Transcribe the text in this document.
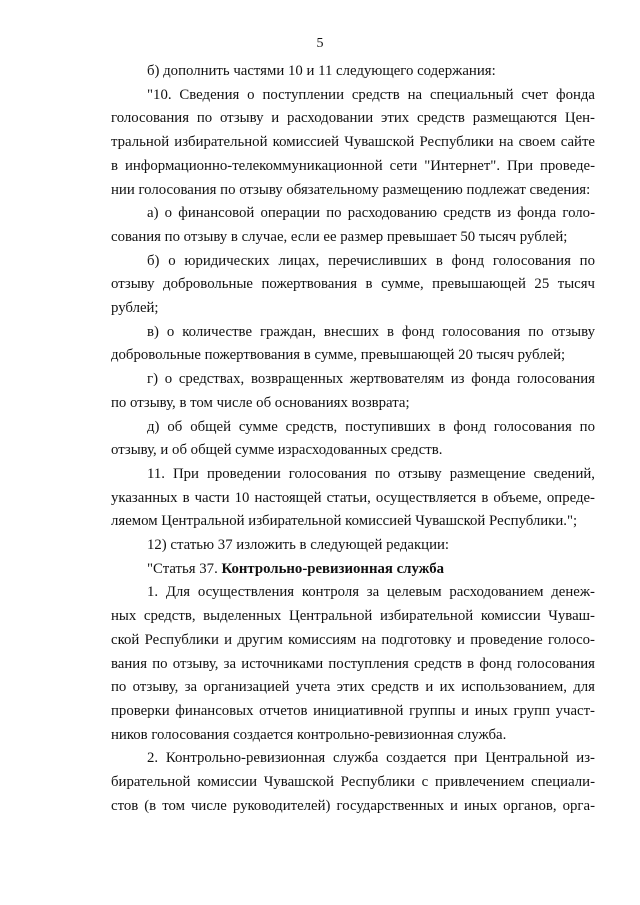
5
б) дополнить частями 10 и 11 следующего содержания:
"10. Сведения о поступлении средств на специальный счет фонда
голосования по отзыву и расходовании этих средств размещаются Цен-
тральной избирательной комиссией Чувашской Республики на своем сайте
в информационно-телекоммуникационной сети "Интернет". При проведе-
нии голосования по отзыву обязательному размещению подлежат сведения:
а) о финансовой операции по расходованию средств из фонда голо-
сования по отзыву в случае, если ее размер превышает 50 тысяч рублей;
б) о юридических лицах, перечисливших в фонд голосования по
отзыву добровольные пожертвования в сумме, превышающей 25 тысяч
рублей;
в) о количестве граждан, внесших в фонд голосования по отзыву
добровольные пожертвования в сумме, превышающей 20 тысяч рублей;
г) о средствах, возвращенных жертвователям из фонда голосования
по отзыву, в том числе об основаниях возврата;
д) об общей сумме средств, поступивших в фонд голосования по
отзыву, и об общей сумме израсходованных средств.
11. При проведении голосования по отзыву размещение сведений,
указанных в части 10 настоящей статьи, осуществляется в объеме, опреде-
ляемом Центральной избирательной комиссией Чувашской Республики.";
12) статью 37 изложить в следующей редакции:
"Статья 37. Контрольно-ревизионная служба
1. Для осуществления контроля за целевым расходованием денеж-
ных средств, выделенных Центральной избирательной комиссии Чуваш-
ской Республики и другим комиссиям на подготовку и проведение голосо-
вания по отзыву, за источниками поступления средств в фонд голосования
по отзыву, за организацией учета этих средств и их использованием, для
проверки финансовых отчетов инициативной группы и иных групп участ-
ников голосования создается контрольно-ревизионная служба.
2. Контрольно-ревизионная служба создается при Центральной из-
бирательной комиссии Чувашской Республики с привлечением специали-
стов (в том числе руководителей) государственных и иных органов, орга-
